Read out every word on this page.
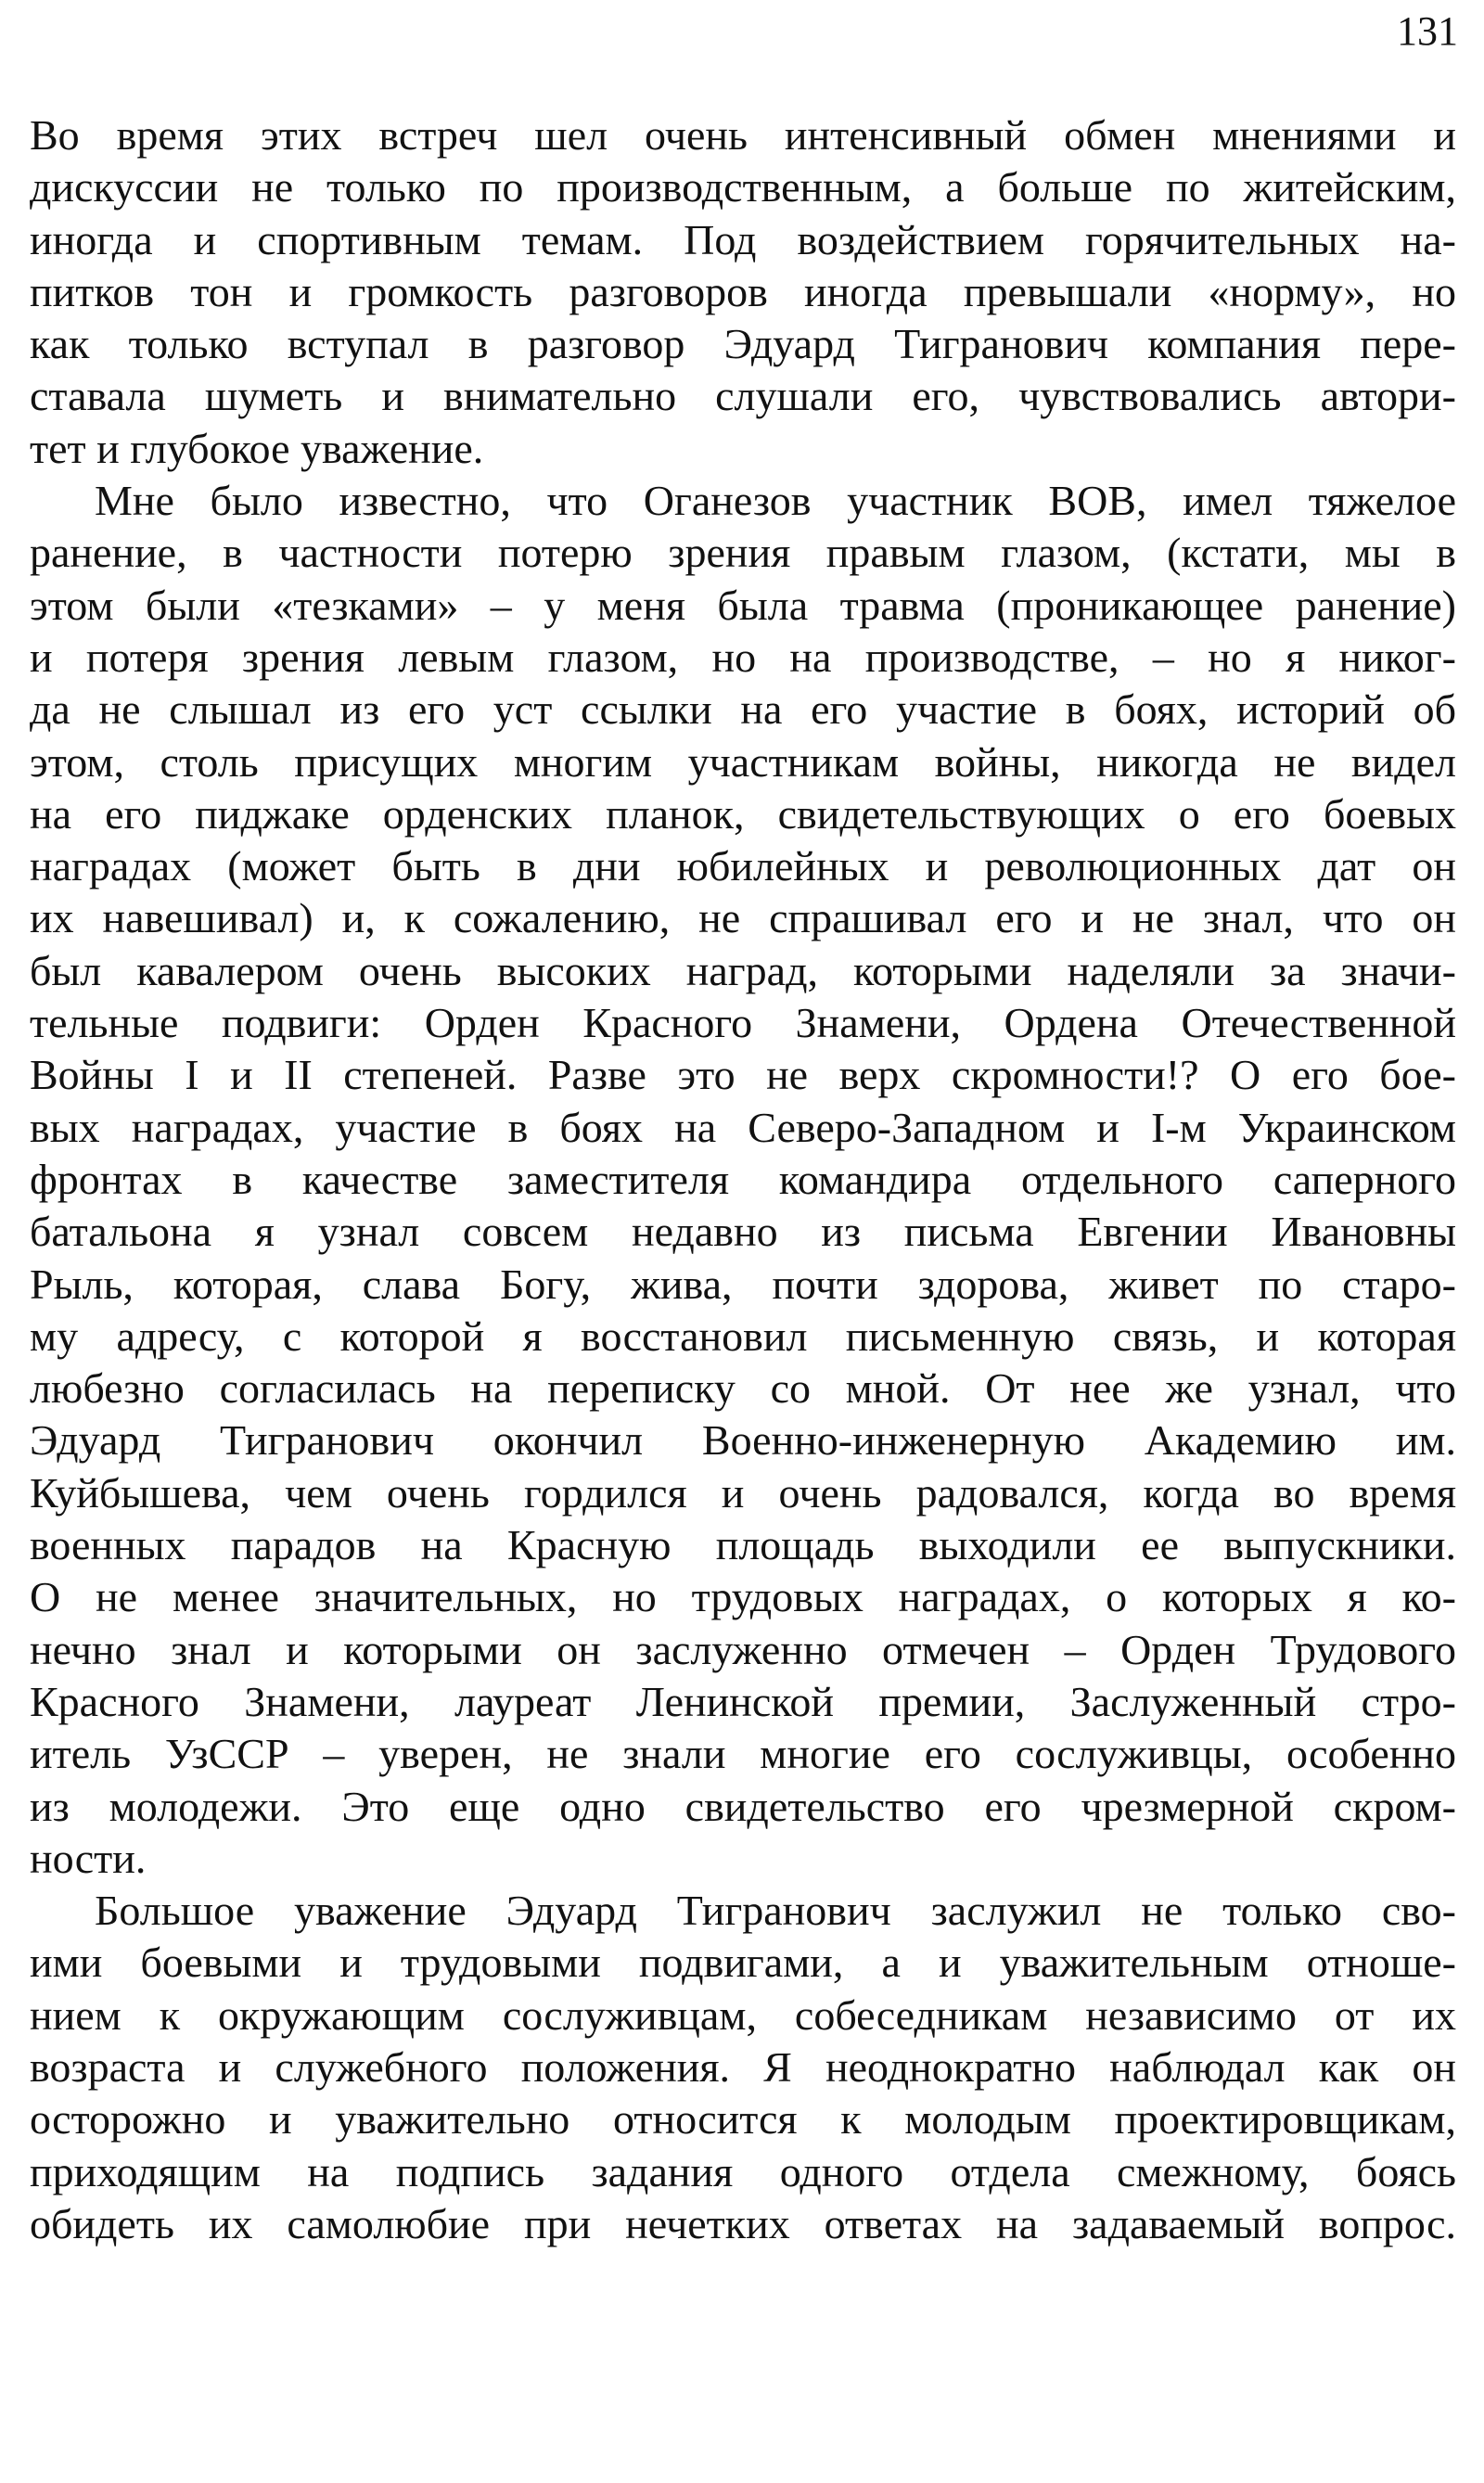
131
Во время этих встреч шел очень интенсивный обмен мнениями и
дискуссии не только по производственным, а больше по житейским,
иногда и спортивным темам. Под воздействием горячительных на-
питков тон и громкость разговоров иногда превышали «норму», но
как только вступал в разговор Эдуард Тигранович компания пере-
ставала шуметь и внимательно слушали его, чувствовались автори-
тет и глубокое уважение.
Мне было известно, что Оганезов участник ВОВ, имел тяжелое
ранение, в частности потерю зрения правым глазом, (кстати, мы в
этом были «тезками» – у меня была травма (проникающее ранение)
и потеря зрения левым глазом, но на производстве, – но я никог-
да не слышал из его уст ссылки на его участие в боях, историй об
этом, столь присущих многим участникам войны, никогда не видел
на его пиджаке орденских планок, свидетельствующих о его боевых
наградах (может быть в дни юбилейных и революционных дат он
их навешивал) и, к сожалению, не спрашивал его и не знал, что он
был кавалером очень высоких наград, которыми наделяли за значи-
тельные подвиги: Орден Красного Знамени, Ордена Отечественной
Войны I и II степеней. Разве это не верх скромности!? О его бое-
вых наградах, участие в боях на Северо-Западном и I-м Украинском
фронтах в качестве заместителя командира отдельного саперного
батальона я узнал совсем недавно из письма Евгении Ивановны
Рыль, которая, слава Богу, жива, почти здорова, живет по старо-
му адресу, с которой я восстановил письменную связь, и которая
любезно согласилась на переписку со мной. От нее же узнал, что
Эдуард Тигранович окончил Военно-инженерную Академию им.
Куйбышева, чем очень гордился и очень радовался, когда во время
военных парадов на Красную площадь выходили ее выпускники.
О не менее значительных, но трудовых наградах, о которых я ко-
нечно знал и которыми он заслуженно отмечен – Орден Трудового
Красного Знамени, лауреат Ленинской премии, Заслуженный стро-
итель УзССР – уверен, не знали многие его сослуживцы, особенно
из молодежи. Это еще одно свидетельство его чрезмерной скром-
ности.
Большое уважение Эдуард Тигранович заслужил не только сво-
ими боевыми и трудовыми подвигами, а и уважительным отноше-
нием к окружающим сослуживцам, собеседникам независимо от их
возраста и служебного положения. Я неоднократно наблюдал как он
осторожно и уважительно относится к молодым проектировщикам,
приходящим на подпись задания одного отдела смежному, боясь
обидеть их самолюбие при нечетких ответах на задаваемый вопрос.
